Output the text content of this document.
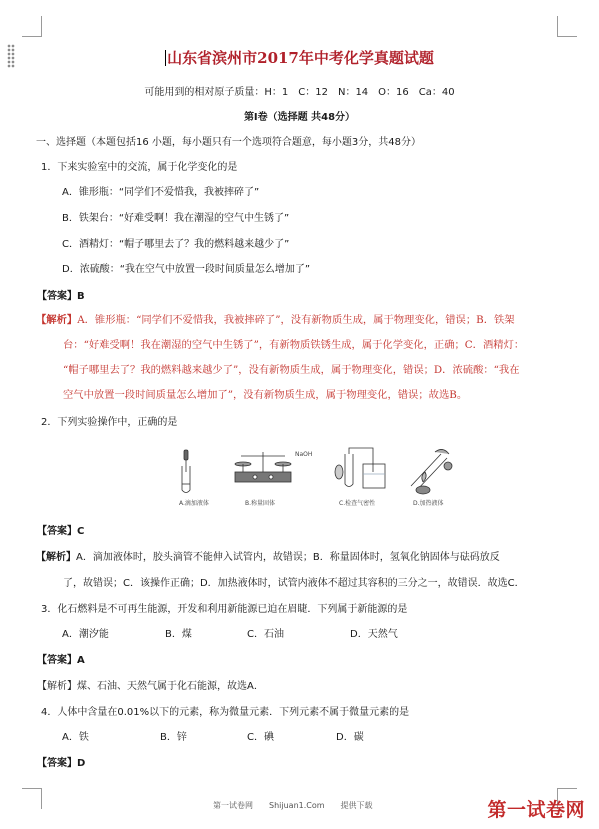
山东省滨州市2017年中考化学真题试题
可能用到的相对原子质量：H：1　C：12　N：14　O：16　Ca：40
第Ⅰ卷（选择题 共48分）
一、选择题（本题包括16 小题，每小题只有一个选项符合题意，每小题3分，共48分）
1．下来实验室中的交流，属于化学变化的是
A．锥形瓶：“同学们不爱惜我，我被摔碎了”
B．铁架台：“好难受啊！我在潮湿的空气中生锈了”
C．酒精灯：“帽子哪里去了？我的燃料越来越少了”
D．浓硫酸：“我在空气中放置一段时间质量怎么增加了”
【答案】B
【解析】A．锥形瓶：“同学们不爱惜我，我被摔碎了”，没有新物质生成，属于物理变化，错误；B．铁架
台：“好难受啊！我在潮湿的空气中生锈了”，有新物质铁锈生成，属于化学变化，正确；C．酒精灯：
“帽子哪里去了？我的燃料越来越少了”，没有新物质生成，属于物理变化，错误；D．浓硫酸：“我在
空气中放置一段时间质量怎么增加了”，没有新物质生成，属于物理变化，错误；故选B。
2．下列实验操作中，正确的是
NaOH
A.滴加液体	B.称量固体	C.检查气密性	D.加热液体
【答案】C
【解析】A．滴加液体时，胶头滴管不能伸入试管内，故错误；B．称量固体时，氢氧化钠固体与砝码放反
了，故错误；C．该操作正确；D．加热液体时，试管内液体不超过其容积的三分之一，故错误．故选C．
3．化石燃料是不可再生能源，开发和利用新能源已迫在眉睫．下列属于新能源的是
A．潮汐能	B．煤	C．石油	D．天然气
【答案】A
【解析】煤、石油、天然气属于化石能源，故选A．
4．人体中含量在0.01%以下的元素，称为微量元素．下列元素不属于微量元素的是
A．铁	B．锌	C．碘	D．碳
【答案】D
第一试卷网　　Shijuan1.Com　　提供下载	第一试卷网
